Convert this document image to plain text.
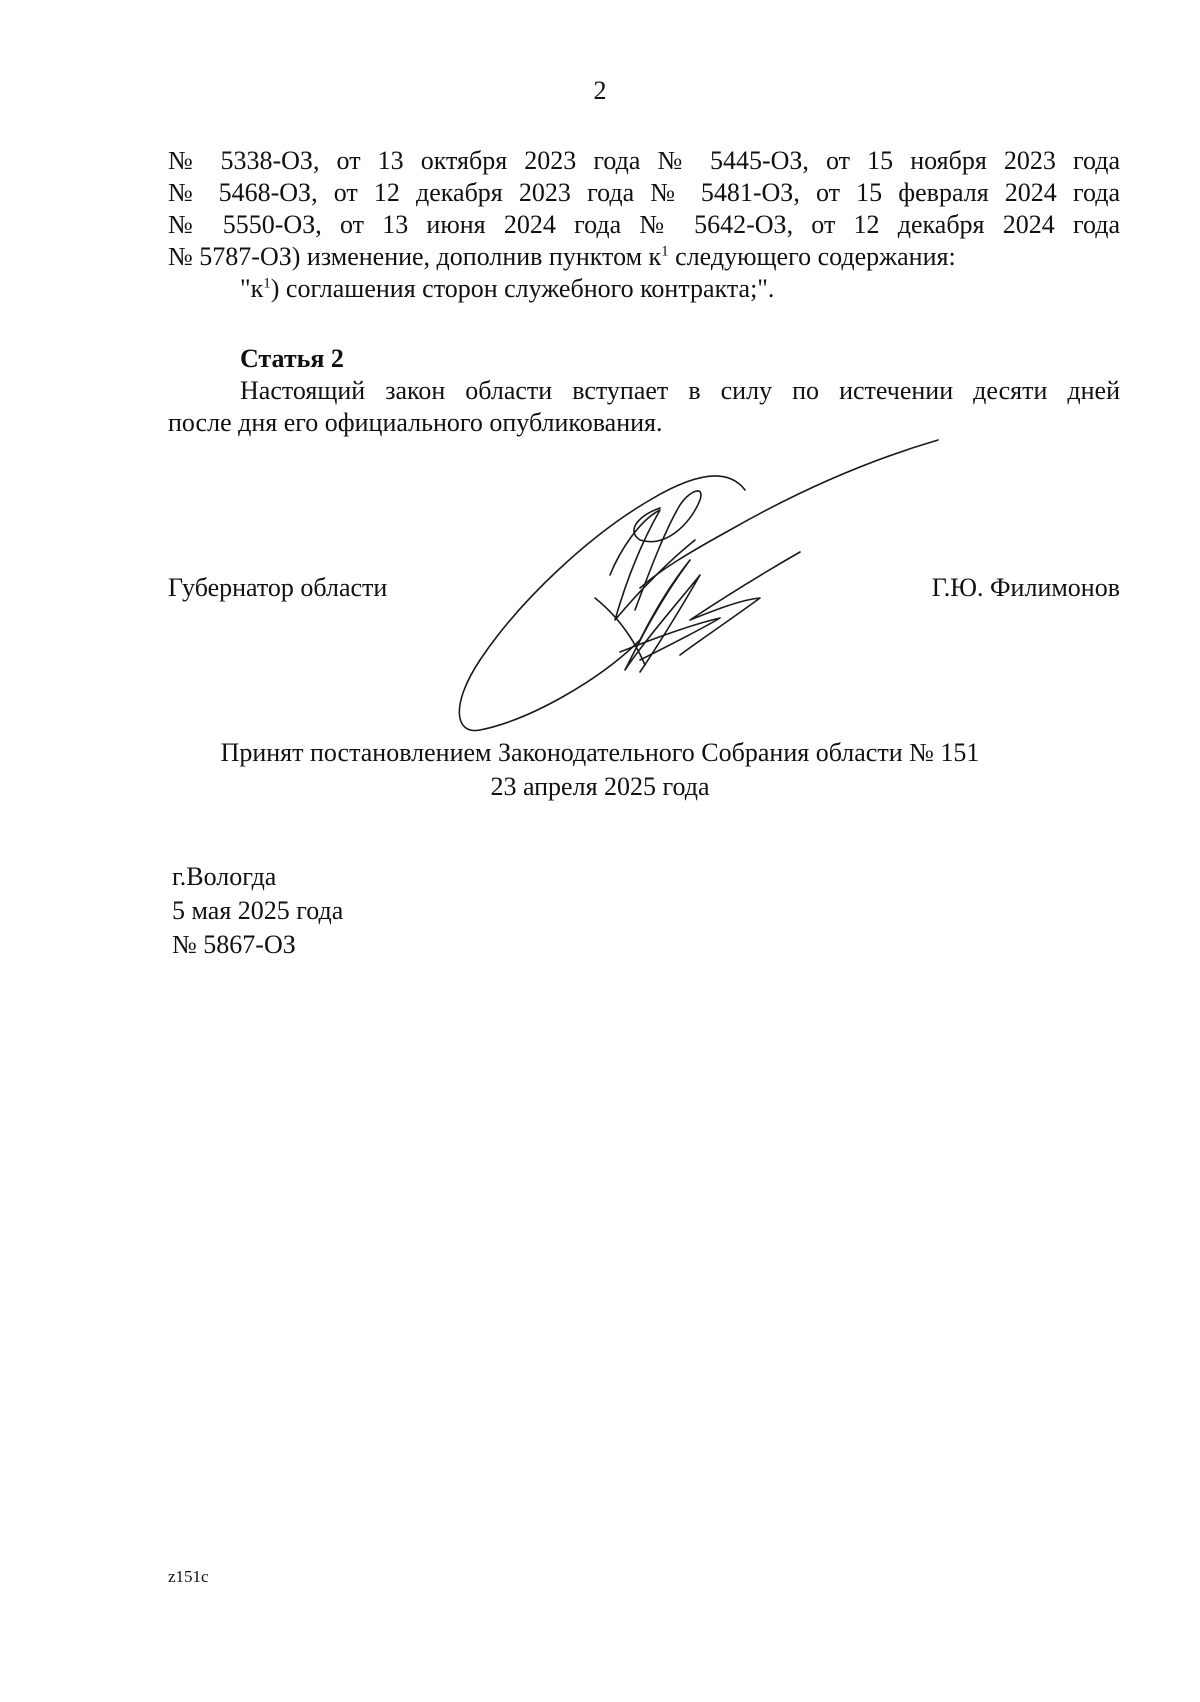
2
№ 5338-ОЗ, от 13 октября 2023 года № 5445-ОЗ, от 15 ноября 2023 года
№ 5468-ОЗ, от 12 декабря 2023 года № 5481-ОЗ, от 15 февраля 2024 года
№ 5550-ОЗ, от 13 июня 2024 года № 5642-ОЗ, от 12 декабря 2024 года
№ 5787-ОЗ) изменение, дополнив пунктом $к^1$ следующего содержания:
"$к^1$) соглашения сторон служебного контракта;".
Статья 2
Настоящий закон области вступает в силу по истечении десяти дней
после дня его официального опубликования.
Губернатор области	Г.Ю. Филимонов
Принят постановлением Законодательного Собрания области № 151
23 апреля 2025 года
г.Вологда
5 мая 2025 года
№ 5867-ОЗ
z151c
